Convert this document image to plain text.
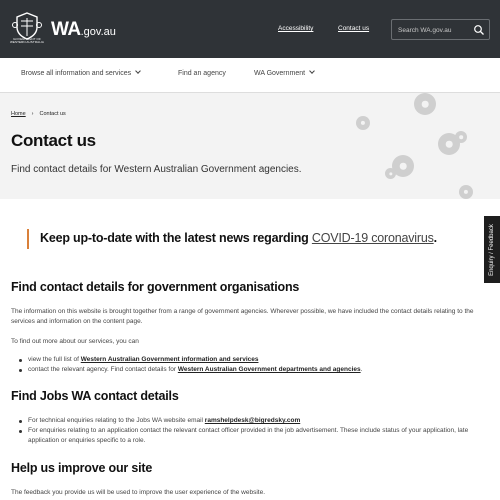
GOVERNMENT OF WESTERN AUSTRALIA
WA.gov.au	Accessibility	Contact us
Search WA.gov.au
Browse all information and services	Find an agency	WA Government
Home › Contact us
Contact us
Find contact details for Western Australian Government agencies.
Keep up-to-date with the latest news regarding COVID-19 coronavirus.	Enquiry / Feedback
Find contact details for government organisations
The information on this website is brought together from a range of government agencies. Wherever possible, we have included the contact details relating to the services and information on the content page.
To find out more about our services, you can
view the full list of Western Australian Government information and services
contact the relevant agency. Find contact details for Western Australian Government departments and agencies.
Find Jobs WA contact details
For technical enquiries relating to the Jobs WA website email ramshelpdesk@bigredsky.com
For enquiries relating to an application contact the relevant contact officer provided in the job advertisement. These include status of your application, late application or enquiries specific to a role.
Help us improve our site
The feedback you provide us will be used to improve the user experience of the website.
